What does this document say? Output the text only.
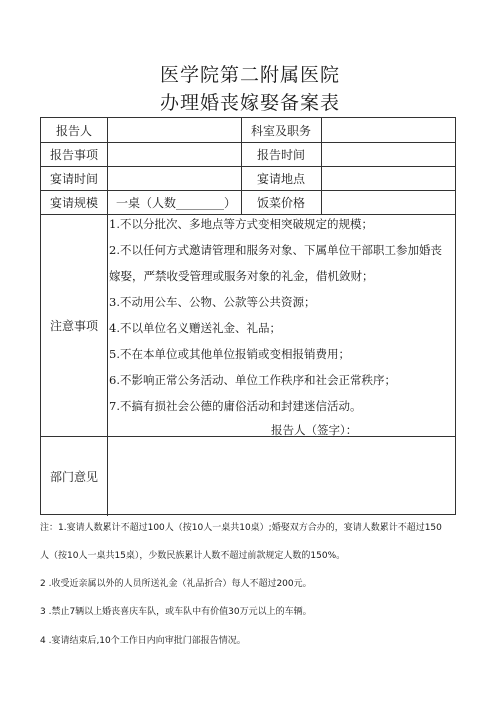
医学院第二附属医院
办理婚丧嫁娶备案表
报告人	科室及职务
报告事项	报告时间
宴请时间	宴请地点
宴请规模	一桌（人数________）	饭菜价格
注意事项

1.不以分批次、多地点等方式变相突破规定的规模；

2.不以任何方式邀请管理和服务对象、下属单位干部职工参加婚丧

嫁娶，严禁收受管理或服务对象的礼金，借机敛财；

3.不动用公车、公物、公款等公共资源；

4.不以单位名义赠送礼金、礼品；

5.不在本单位或其他单位报销或变相报销费用；

6.不影响正常公务活动、单位工作秩序和社会正常秩序；

7.不搞有损社会公德的庸俗活动和封建迷信活动。

报告人（签字）：

部门意见
注：1.宴请人数累计不超过100人（按10人一桌共10桌）;婚娶双方合办的，宴请人数累计不超过150
人（按10人一桌共15桌），少数民族累计人数不超过前款规定人数的150%。
2 .收受近亲属以外的人员所送礼金（礼品折合）每人不超过200元。
3 .禁止7辆以上婚丧喜庆车队，或车队中有价值30万元以上的车辆。
4 .宴请结束后,10个工作日内向审批门部报告情况。
